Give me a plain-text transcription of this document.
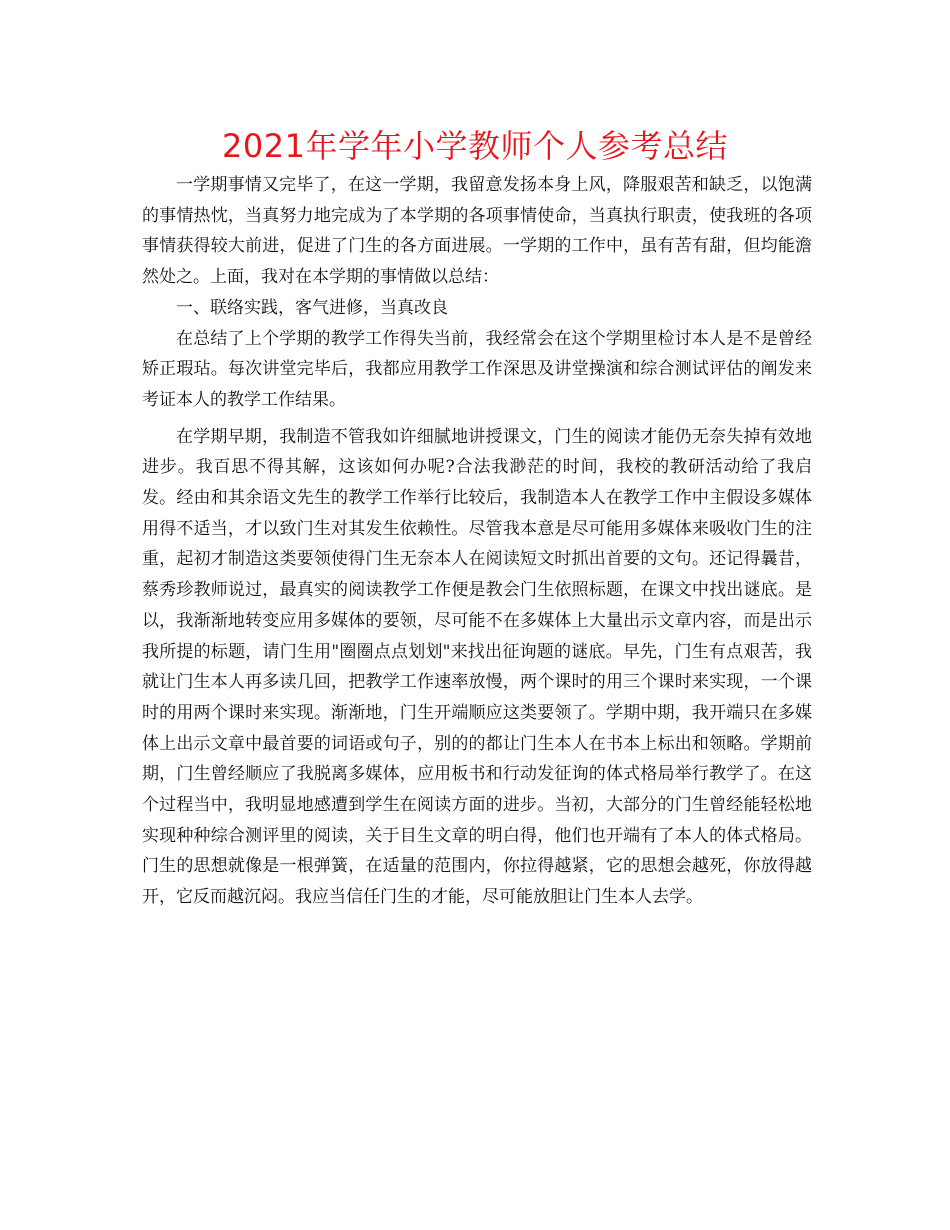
2021年学年小学教师个人参考总结

一学期事情又完毕了，在这一学期，我留意发扬本身上风，降服艰苦和缺乏，以饱满的事情热忱，当真努力地完成为了本学期的各项事情使命，当真执行职责，使我班的各项事情获得较大前进，促进了门生的各方面进展。一学期的工作中，虽有苦有甜，但均能澹然处之。上面，我对在本学期的事情做以总结：

一、联络实践，客气进修，当真改良

在总结了上个学期的教学工作得失当前，我经常会在这个学期里检讨本人是不是曾经矫正瑕玷。每次讲堂完毕后，我都应用教学工作深思及讲堂操演和综合测试评估的阐发来考证本人的教学工作结果。

在学期早期，我制造不管我如许细腻地讲授课文，门生的阅读才能仍无奈失掉有效地进步。我百思不得其解，这该如何办呢?合法我渺茫的时间，我校的教研活动给了我启发。经由和其余语文先生的教学工作举行比较后，我制造本人在教学工作中主假设多媒体用得不适当，才以致门生对其发生依赖性。尽管我本意是尽可能用多媒体来吸收门生的注重，起初才制造这类要领使得门生无奈本人在阅读短文时抓出首要的文句。还记得曩昔，蔡秀珍教师说过，最真实的阅读教学工作便是教会门生依照标题，在课文中找出谜底。是以，我渐渐地转变应用多媒体的要领，尽可能不在多媒体上大量出示文章内容，而是出示我所提的标题，请门生用"圈圈点点划划"来找出征询题的谜底。早先，门生有点艰苦，我就让门生本人再多读几回，把教学工作速率放慢，两个课时的用三个课时来实现，一个课时的用两个课时来实现。渐渐地，门生开端顺应这类要领了。学期中期，我开端只在多媒体上出示文章中最首要的词语或句子，别的的都让门生本人在书本上标出和领略。学期前期，门生曾经顺应了我脱离多媒体，应用板书和行动发征询的体式格局举行教学了。在这个过程当中，我明显地感遭到学生在阅读方面的进步。当初，大部分的门生曾经能轻松地实现种种综合测评里的阅读，关于目生文章的明白得，他们也开端有了本人的体式格局。门生的思想就像是一根弹簧，在适量的范围内，你拉得越紧，它的思想会越死，你放得越开，它反而越沉闷。我应当信任门生的才能，尽可能放胆让门生本人去学。
